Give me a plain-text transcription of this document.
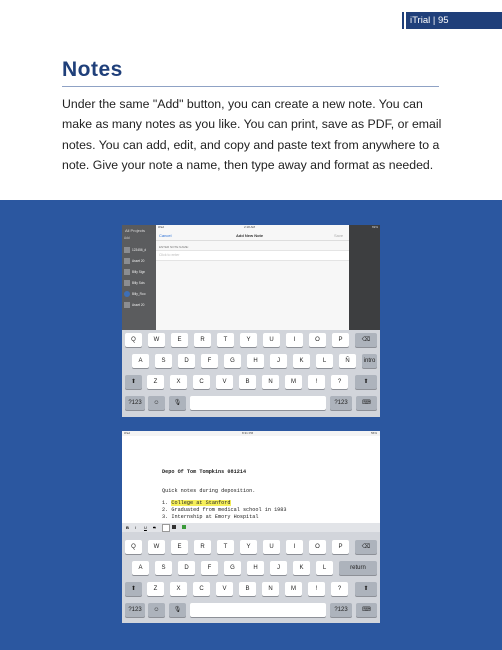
iTrial | 95
Notes
Under the same "Add" button, you can create a new note. You can make as many notes as you like. You can print, save as PDF, or email notes. You can add, edit, and copy and paste text from anywhere to a note. Give your note a name, then type away and format as needed.
All Projects
Add
123456_d
Asset 20
Billy Sign
Billy Scis
Billy_Roo
Asset 20
iPad	2:18 AM
Cancel	Add New Note	Save
ENTER NOTE NAME:
Click to enter
69%
Q	W	E	R	T	Y	U	I	O	P	⌫
A	S	D	F	G	H	J	K	L	Ñ	intro
⬆	Z	X	C	V	B	N	M	!	?	⬆
?123	☺	🎙	?123	⌨
iPad	8:31 PM	56%
Depo Of Tom Tompkins 081214
Quick notes during deposition.
1. College at Stanford
2. Graduated from medical school in 1983
3. Internship at Emory Hospital
B I U S
Q	W	E	R	T	Y	U	I	O	P	⌫
A	S	D	F	G	H	J	K	L	return
⬆	Z	X	C	V	B	N	M	!	?	⬆
?123	☺	🎙	?123	⌨
